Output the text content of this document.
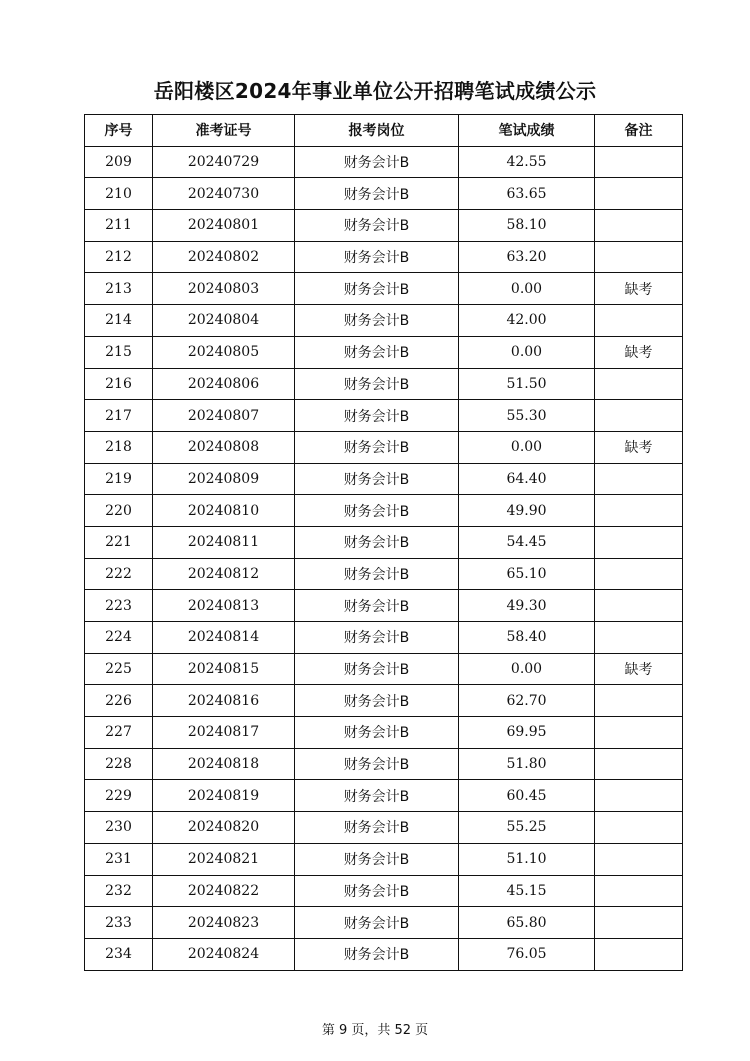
岳阳楼区2024年事业单位公开招聘笔试成绩公示
序号	准考证号	报考岗位	笔试成绩	备注
209	20240729	财务会计B	42.55	
210	20240730	财务会计B	63.65	
211	20240801	财务会计B	58.10	
212	20240802	财务会计B	63.20	
213	20240803	财务会计B	0.00	缺考
214	20240804	财务会计B	42.00	
215	20240805	财务会计B	0.00	缺考
216	20240806	财务会计B	51.50	
217	20240807	财务会计B	55.30	
218	20240808	财务会计B	0.00	缺考
219	20240809	财务会计B	64.40	
220	20240810	财务会计B	49.90	
221	20240811	财务会计B	54.45	
222	20240812	财务会计B	65.10	
223	20240813	财务会计B	49.30	
224	20240814	财务会计B	58.40	
225	20240815	财务会计B	0.00	缺考
226	20240816	财务会计B	62.70	
227	20240817	财务会计B	69.95	
228	20240818	财务会计B	51.80	
229	20240819	财务会计B	60.45	
230	20240820	财务会计B	55.25	
231	20240821	财务会计B	51.10	
232	20240822	财务会计B	45.15	
233	20240823	财务会计B	65.80	
234	20240824	财务会计B	76.05	
第 9 页，共 52 页
